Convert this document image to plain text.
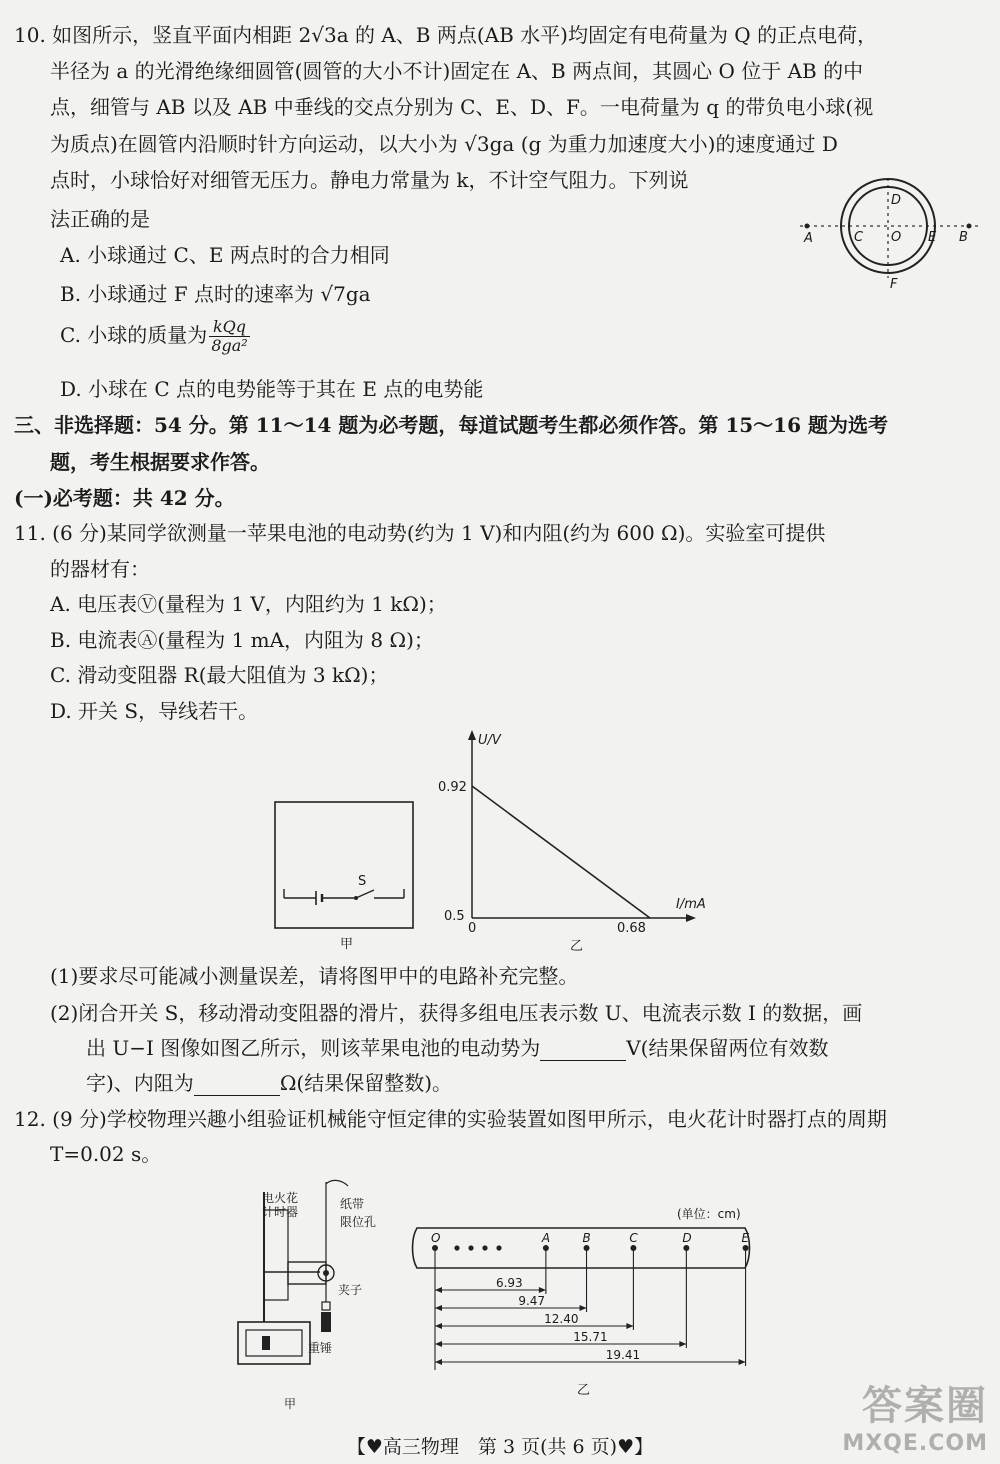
10. 如图所示，竖直平面内相距 2√3a 的 A、B 两点(AB 水平)均固定有电荷量为 Q 的正点电荷，
半径为 a 的光滑绝缘细圆管(圆管的大小不计)固定在 A、B 两点间，其圆心 O 位于 AB 的中
点，细管与 AB 以及 AB 中垂线的交点分别为 C、E、D、F。一电荷量为 q 的带负电小球(视
为质点)在圆管内沿顺时针方向运动，以大小为 √3ga (g 为重力加速度大小)的速度通过 D
点时，小球恰好对细管无压力。静电力常量为 k，不计空气阻力。下列说
法正确的是
A. 小球通过 C、E 两点时的合力相同
B. 小球通过 F 点时的速率为 √7ga
C. 小球的质量为 $\frac{\text{kQq}}{\text{8ga²}}$
D. 小球在 C 点的电势能等于其在 E 点的电势能
A	C O E B
D
F
三、非选择题：54 分。第 11～14 题为必考题，每道试题考生都必须作答。第 15～16 题为选考
题，考生根据要求作答。
(一)必考题：共 42 分。
11. (6 分)某同学欲测量一苹果电池的电动势(约为 1 V)和内阻(约为 600 Ω)。实验室可提供
的器材有：
A. 电压表Ⓥ(量程为 1 V，内阻约为 1 kΩ)；
B. 电流表Ⓐ(量程为 1 mA，内阻为 8 Ω)；
C. 滑动变阻器 R(最大阻值为 3 kΩ)；
D. 开关 S，导线若干。
S
甲
U/V
I/mA
0.92
0.5
0	0.68
乙
(1)要求尽可能减小测量误差，请将图甲中的电路补充完整。
(2)闭合开关 S，移动滑动变阻器的滑片，获得多组电压表示数 U、电流表示数 I 的数据，画
出 U−I 图像如图乙所示，则该苹果电池的电动势为	V(结果保留两位有效数
字)、内阻为	Ω(结果保留整数)。
12. (9 分)学校物理兴趣小组验证机械能守恒定律的实验装置如图甲所示，电火花计时器打点的周期
T=0.02 s。
电火花
计时器
纸带
限位孔
夹子
重锤
甲
(单位：cm)
O	A
6.93
B
9.47
C
12.40
D
15.71
E
19.41
乙
【♥高三物理　第 3 页(共 6 页)♥】
答案圈
MXQE.COM
